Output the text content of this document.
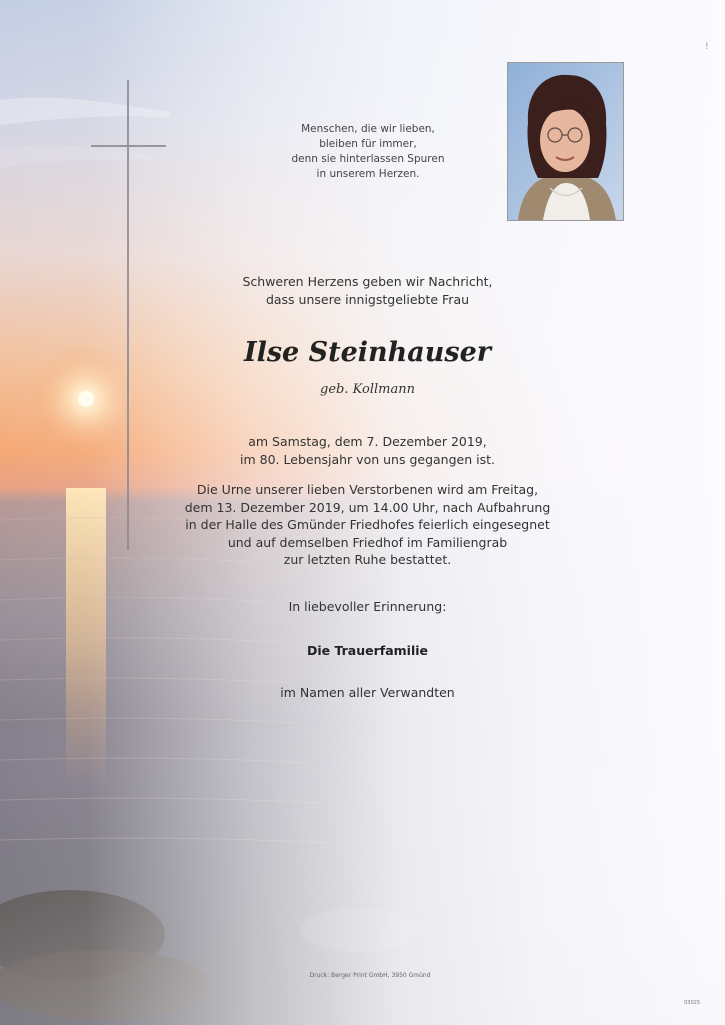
!

Menschen, die wir lieben,
bleiben für immer,
denn sie hinterlassen Spuren
in unserem Herzen.

Schweren Herzens geben wir Nachricht,
dass unsere innigstgeliebte Frau

Ilse Steinhauser

geb. Kollmann

am Samstag, dem 7. Dezember 2019,
im 80. Lebensjahr von uns gegangen ist.

Die Urne unserer lieben Verstorbenen wird am Freitag,
dem 13. Dezember 2019, um 14.00 Uhr, nach Aufbahrung
in der Halle des Gmünder Friedhofes feierlich eingesegnet
und auf demselben Friedhof im Familiengrab
zur letzten Ruhe bestattet.

In liebevoller Erinnerung:

Die Trauerfamilie

im Namen aller Verwandten

Druck: Berger Print GmbH, 3950 Gmünd

03025
